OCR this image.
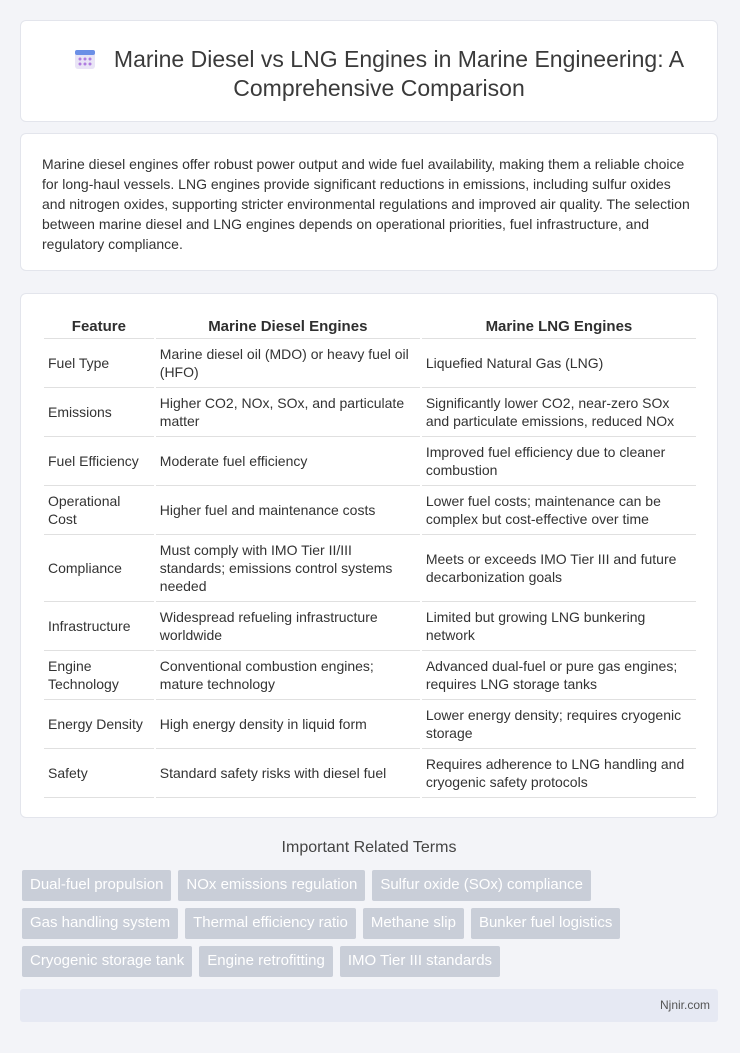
Marine Diesel vs LNG Engines in Marine Engineering: A Comprehensive Comparison
Marine diesel engines offer robust power output and wide fuel availability, making them a reliable choice for long-haul vessels. LNG engines provide significant reductions in emissions, including sulfur oxides and nitrogen oxides, supporting stricter environmental regulations and improved air quality. The selection between marine diesel and LNG engines depends on operational priorities, fuel infrastructure, and regulatory compliance.
Feature	Marine Diesel Engines	Marine LNG Engines
Fuel Type	Marine diesel oil (MDO) or heavy fuel oil (HFO)	Liquefied Natural Gas (LNG)
Emissions	Higher CO2, NOx, SOx, and particulate matter	Significantly lower CO2, near-zero SOx and particulate emissions, reduced NOx
Fuel Efficiency	Moderate fuel efficiency	Improved fuel efficiency due to cleaner combustion
Operational Cost	Higher fuel and maintenance costs	Lower fuel costs; maintenance can be complex but cost-effective over time
Compliance	Must comply with IMO Tier II/III standards; emissions control systems needed	Meets or exceeds IMO Tier III and future decarbonization goals
Infrastructure	Widespread refueling infrastructure worldwide	Limited but growing LNG bunkering network
Engine Technology	Conventional combustion engines; mature technology	Advanced dual-fuel or pure gas engines; requires LNG storage tanks
Energy Density	High energy density in liquid form	Lower energy density; requires cryogenic storage
Safety	Standard safety risks with diesel fuel	Requires adherence to LNG handling and cryogenic safety protocols
Important Related Terms
Dual-fuel propulsion	NOx emissions regulation	Sulfur oxide (SOx) compliance
Gas handling system	Thermal efficiency ratio	Methane slip	Bunker fuel logistics
Cryogenic storage tank	Engine retrofitting	IMO Tier III standards
Njnir.com
